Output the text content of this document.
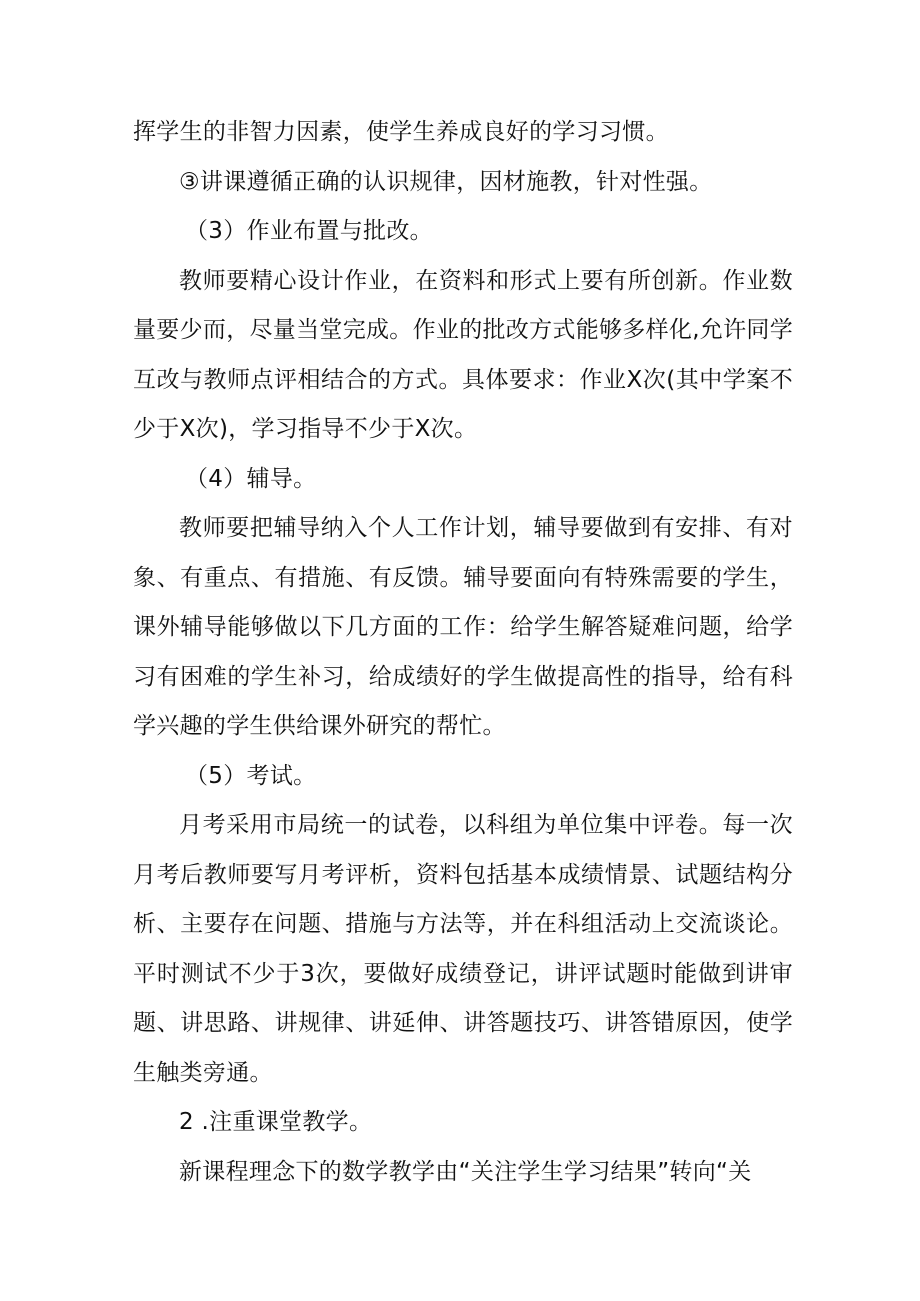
挥学生的非智力因素，使学生养成良好的学习习惯。

③讲课遵循正确的认识规律，因材施教，针对性强。

（3）作业布置与批改。

教师要精心设计作业，在资料和形式上要有所创新。作业数量要少而，尽量当堂完成。作业的批改方式能够多样化,允许同学互改与教师点评相结合的方式。具体要求：作业X次(其中学案不少于X次)，学习指导不少于X次。

（4）辅导。

教师要把辅导纳入个人工作计划，辅导要做到有安排、有对象、有重点、有措施、有反馈。辅导要面向有特殊需要的学生，课外辅导能够做以下几方面的工作：给学生解答疑难问题，给学习有困难的学生补习，给成绩好的学生做提高性的指导，给有科学兴趣的学生供给课外研究的帮忙。

（5）考试。

月考采用市局统一的试卷，以科组为单位集中评卷。每一次月考后教师要写月考评析，资料包括基本成绩情景、试题结构分析、主要存在问题、措施与方法等，并在科组活动上交流谈论。平时测试不少于3次，要做好成绩登记，讲评试题时能做到讲审题、讲思路、讲规律、讲延伸、讲答题技巧、讲答错原因，使学生触类旁通。

2 .注重课堂教学。

新课程理念下的数学教学由“关注学生学习结果”转向“关
